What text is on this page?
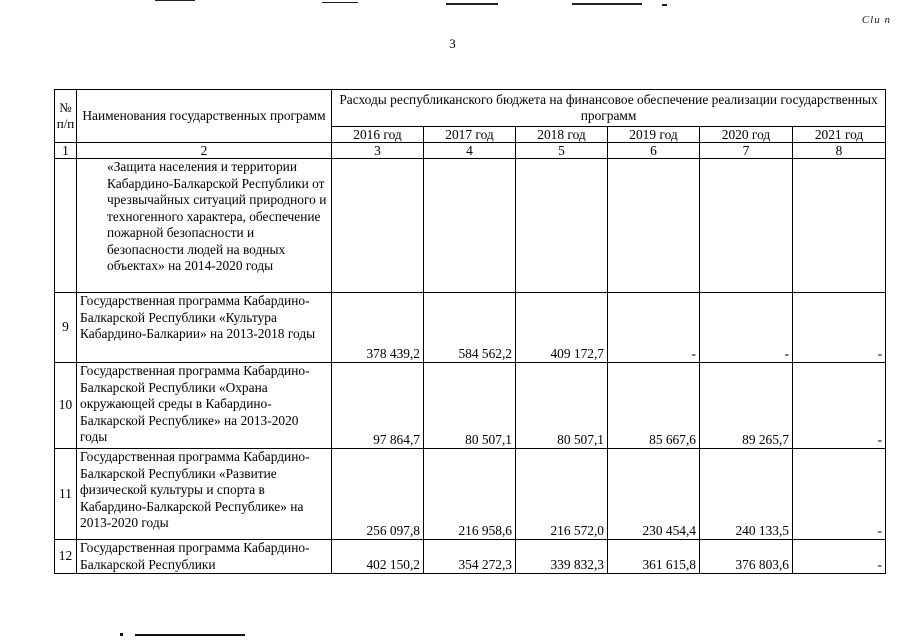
Clu n
3
№ п/п	Наименования государственных программ	Расходы республиканского бюджета на финансовое обеспечение реализации государственных программ					
		2016 год	2017 год	2018 год	2019 год	2020 год	2021 год
1	2	3	4	5	6	7	8
	«Защита населения и территории Кабардино-Балкарской Республики от чрезвычайных ситуаций природного и техногенного характера, обеспечение пожарной безопасности и безопасности людей на водных объектах» на 2014-2020 годы						
9	Государственная программа Кабардино-Балкарской Республики «Культура Кабардино-Балкарии» на 2013-2018 годы	378 439,2	584 562,2	409 172,7	-	-	-
10	Государственная программа Кабардино-Балкарской Республики «Охрана окружающей среды в Кабардино-Балкарской Республике» на 2013-2020 годы	97 864,7	80 507,1	80 507,1	85 667,6	89 265,7	-
11	Государственная программа Кабардино-Балкарской Республики «Развитие физической культуры и спорта в Кабардино-Балкарской Республике» на 2013-2020 годы	256 097,8	216 958,6	216 572,0	230 454,4	240 133,5	-
12	Государственная программа Кабардино-Балкарской Республики	402 150,2	354 272,3	339 832,3	361 615,8	376 803,6	-
